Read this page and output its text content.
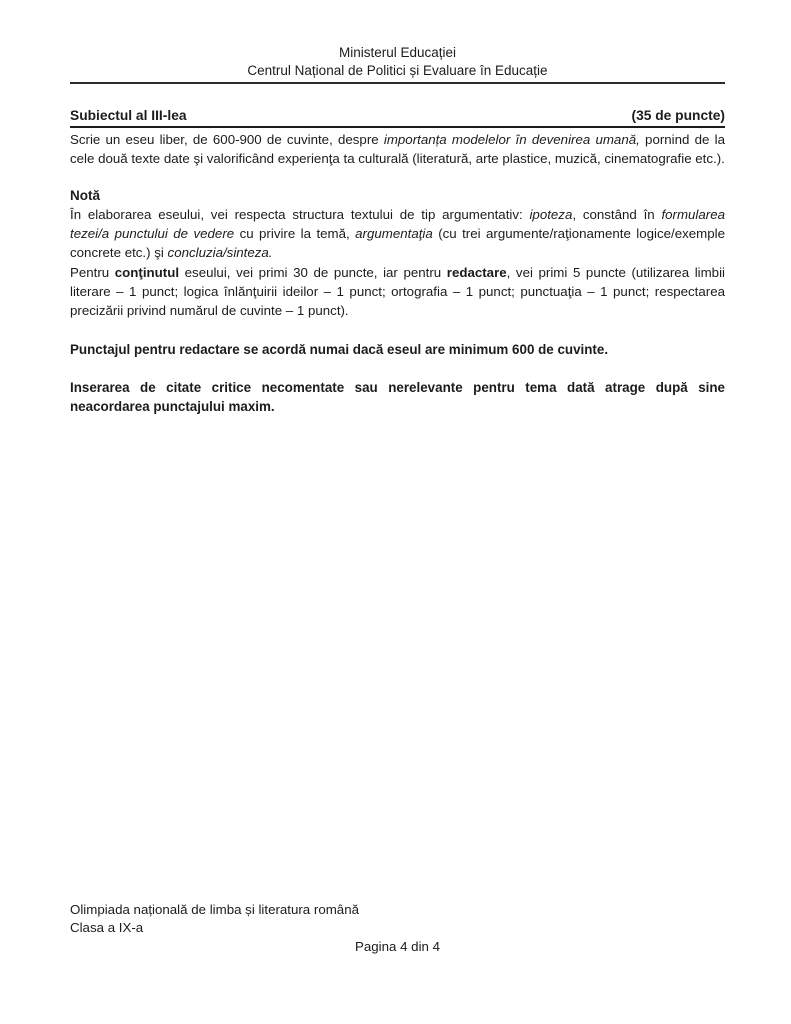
Ministerul Educației
Centrul Național de Politici și Evaluare în Educație
Subiectul al III-lea	(35 de puncte)

Scrie un eseu liber, de 600-900 de cuvinte, despre importanța modelelor în devenirea umană, pornind de la cele două texte date şi valorificând experienţa ta culturală (literatură, arte plastice, muzică, cinematografie etc.).

Notă

În elaborarea eseului, vei respecta structura textului de tip argumentativ: ipoteza, constând în formularea tezei/a punctului de vedere cu privire la temă, argumentaţia (cu trei argumente/raţionamente logice/exemple concrete etc.) şi concluzia/sinteza.

Pentru conţinutul eseului, vei primi 30 de puncte, iar pentru redactare, vei primi 5 puncte (utilizarea limbii literare – 1 punct; logica înlănţuirii ideilor – 1 punct; ortografia – 1 punct; punctuaţia – 1 punct; respectarea precizării privind numărul de cuvinte – 1 punct).

Punctajul pentru redactare se acordă numai dacă eseul are minimum 600 de cuvinte.

Inserarea de citate critice necomentate sau nerelevante pentru tema dată atrage după sine neacordarea punctajului maxim.

Olimpiada națională de limba și literatura română
Clasa a IX-a
Pagina 4 din 4
